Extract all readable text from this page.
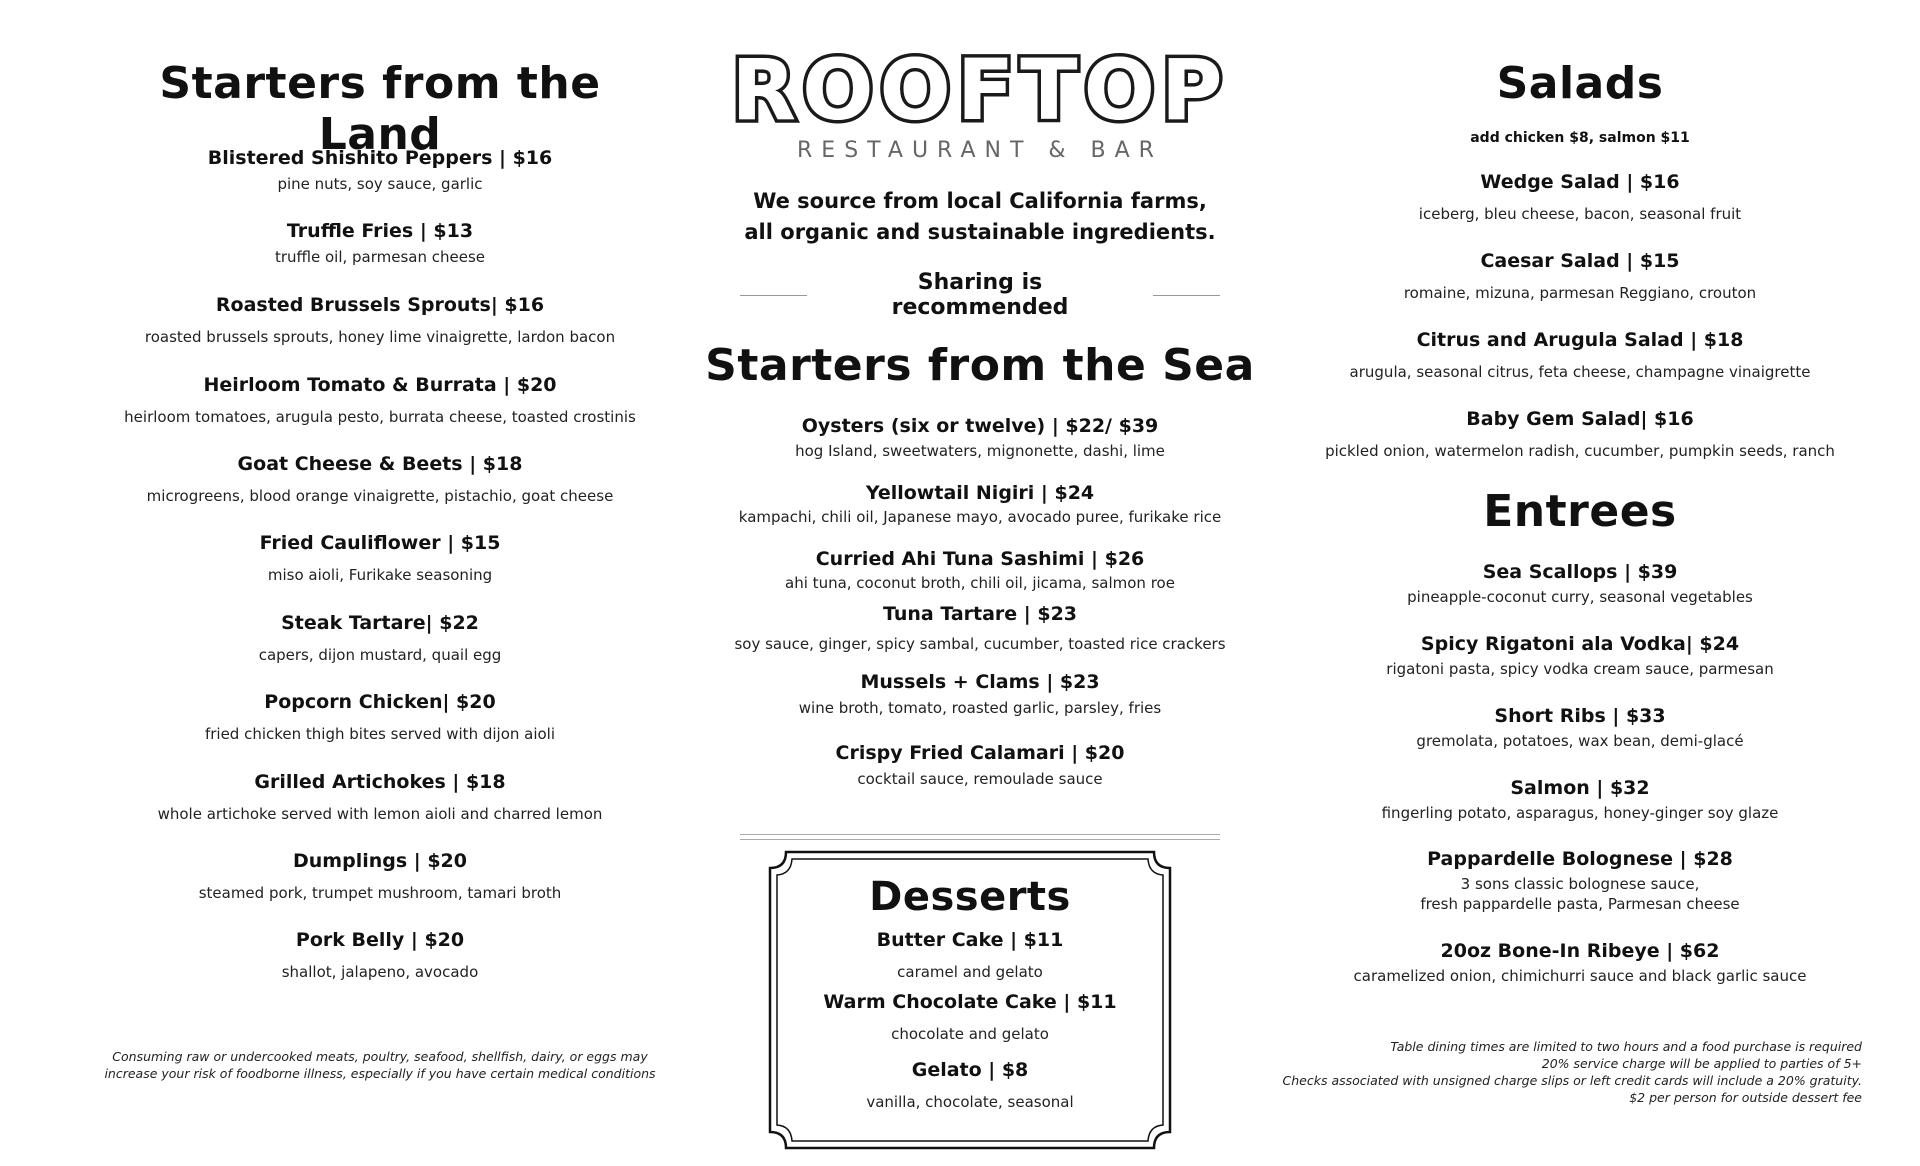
Starters from the Land
Blistered Shishito Peppers | $16
pine nuts, soy sauce, garlic
Truffle Fries | $13
truffle oil, parmesan cheese
Roasted Brussels Sprouts| $16
roasted brussels sprouts, honey lime vinaigrette, lardon bacon
Heirloom Tomato & Burrata | $20
heirloom tomatoes, arugula pesto, burrata cheese, toasted crostinis
Goat Cheese & Beets | $18
microgreens, blood orange vinaigrette, pistachio, goat cheese
Fried Cauliflower | $15
miso aioli, Furikake seasoning
Steak Tartare| $22
capers, dijon mustard, quail egg
Popcorn Chicken| $20
fried chicken thigh bites served with dijon aioli
Grilled Artichokes | $18
whole artichoke served with lemon aioli and charred lemon
Dumplings | $20
steamed pork, trumpet mushroom, tamari broth
Pork Belly | $20
shallot, jalapeno, avocado
Consuming raw or undercooked meats, poultry, seafood, shellfish, dairy, or eggs may
increase your risk of foodborne illness, especially if you have certain medical conditions
ROOFTOP
RESTAURANT & BAR
We source from local California farms,
all organic and sustainable ingredients.
Sharing is recommended
Starters from the Sea
Oysters (six or twelve) | $22/ $39
hog Island, sweetwaters, mignonette, dashi, lime
Yellowtail Nigiri | $24
kampachi, chili oil, Japanese mayo, avocado puree, furikake rice
Curried Ahi Tuna Sashimi | $26
ahi tuna, coconut broth, chili oil, jicama, salmon roe
Tuna Tartare | $23
soy sauce, ginger, spicy sambal, cucumber, toasted rice crackers
Mussels + Clams | $23
wine broth, tomato, roasted garlic, parsley, fries
Crispy Fried Calamari | $20
cocktail sauce, remoulade sauce
Desserts
Butter Cake | $11
caramel and gelato
Warm Chocolate Cake | $11
chocolate and gelato
Gelato | $8
vanilla, chocolate, seasonal
Salads
add chicken $8, salmon $11
Wedge Salad | $16
iceberg, bleu cheese, bacon, seasonal fruit
Caesar Salad | $15
romaine, mizuna, parmesan Reggiano, crouton
Citrus and Arugula Salad | $18
arugula, seasonal citrus, feta cheese, champagne vinaigrette
Baby Gem Salad| $16
pickled onion, watermelon radish, cucumber, pumpkin seeds, ranch
Entrees
Sea Scallops | $39
pineapple-coconut curry, seasonal vegetables
Spicy Rigatoni ala Vodka| $24
rigatoni pasta, spicy vodka cream sauce, parmesan
Short Ribs | $33
gremolata, potatoes, wax bean, demi-glacé
Salmon | $32
fingerling potato, asparagus, honey-ginger soy glaze
Pappardelle Bolognese | $28
3 sons classic bolognese sauce,
fresh pappardelle pasta, Parmesan cheese
20oz Bone-In Ribeye | $62
caramelized onion, chimichurri sauce and black garlic sauce
Table dining times are limited to two hours and a food purchase is required
20% service charge will be applied to parties of 5+
Checks associated with unsigned charge slips or left credit cards will include a 20% gratuity.
$2 per person for outside dessert fee
